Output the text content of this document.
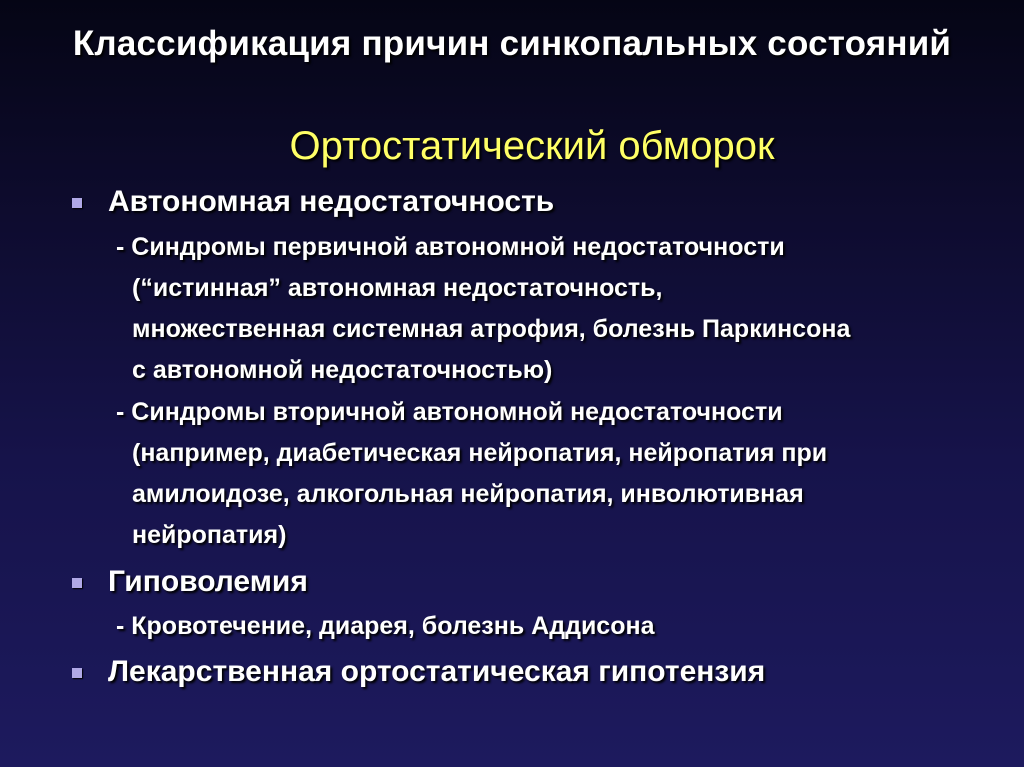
Классификация причин синкопальных состояний
Ортостатический обморок
Автономная недостаточность
- Синдромы первичной автономной недостаточности
(“истинная” автономная недостаточность,
множественная системная атрофия, болезнь Паркинсона
с автономной недостаточностью)
- Синдромы вторичной автономной недостаточности
(например, диабетическая нейропатия, нейропатия при
амилоидозе, алкогольная нейропатия, инволютивная
нейропатия)
Гиповолемия
- Кровотечение, диарея, болезнь Аддисона
Лекарственная ортостатическая гипотензия
